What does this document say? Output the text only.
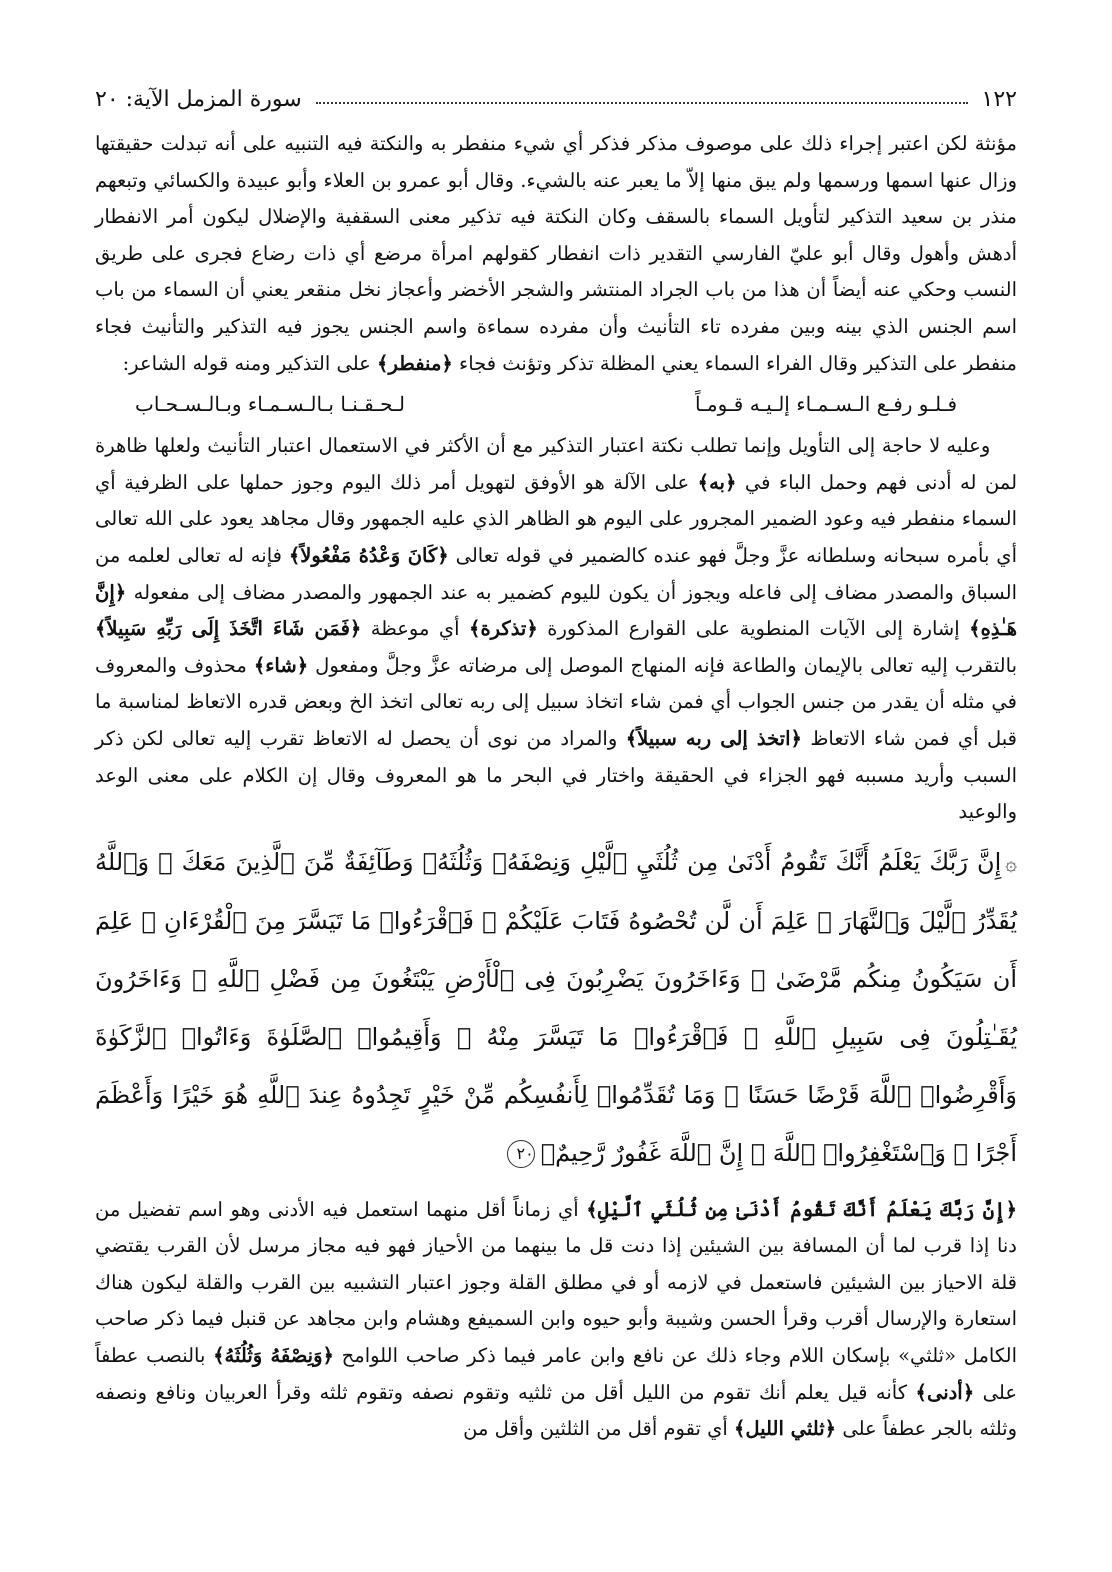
١٢٢
سورة المزمل الآية: ٢٠

مؤنثة لكن اعتبر إجراء ذلك على موصوف مذكر فذكر أي شيء منفطر به والنكتة فيه التنبيه على أنه تبدلت حقيقتها وزال عنها اسمها ورسمها ولم يبق منها إلاّ ما يعبر عنه بالشيء. وقال أبو عمرو بن العلاء وأبو عبيدة والكسائي وتبعهم منذر بن سعيد التذكير لتأويل السماء بالسقف وكان النكتة فيه تذكير معنى السقفية والإضلال ليكون أمر الانفطار أدهش وأهول وقال أبو عليّ الفارسي التقدير ذات انفطار كقولهم امرأة مرضع أي ذات رضاع فجرى على طريق النسب وحكي عنه أيضاً أن هذا من باب الجراد المنتشر والشجر الأخضر وأعجاز نخل منقعر يعني أن السماء من باب اسم الجنس الذي بينه وبين مفرده تاء التأنيث وأن مفرده سماءة واسم الجنس يجوز فيه التذكير والتأنيث فجاء منفطر على التذكير وقال الفراء السماء يعني المظلة تذكر وتؤنث فجاء ﴿منفطر﴾ على التذكير ومنه قوله الشاعر:

فـلـو رفـع الـسـمـاء إلـيـه قـومـاً
لـحـقـنـا بـالـسـمـاء وبـالـسـحـاب

وعليه لا حاجة إلى التأويل وإنما تطلب نكتة اعتبار التذكير مع أن الأكثر في الاستعمال اعتبار التأنيث ولعلها ظاهرة لمن له أدنى فهم وحمل الباء في ﴿به﴾ على الآلة هو الأوفق لتهويل أمر ذلك اليوم وجوز حملها على الظرفية أي السماء منفطر فيه وعود الضمير المجرور على اليوم هو الظاهر الذي عليه الجمهور وقال مجاهد يعود على الله تعالى أي بأمره سبحانه وسلطانه عزَّ وجلَّ فهو عنده كالضمير في قوله تعالى ﴿كَانَ وَعْدُهُ مَفْعُولاً﴾ فإنه له تعالى لعلمه من السباق والمصدر مضاف إلى فاعله ويجوز أن يكون لليوم كضمير به عند الجمهور والمصدر مضاف إلى مفعوله ﴿إِنَّ هَـٰذِهِ﴾ إشارة إلى الآيات المنطوية على القوارع المذكورة ﴿تذكرة﴾ أي موعظة ﴿فَمَن شَاءَ اتَّخَذَ إِلَى رَبِّهِ سَبِيلاً﴾ بالتقرب إليه تعالى بالإيمان والطاعة فإنه المنهاج الموصل إلى مرضاته عزَّ وجلَّ ومفعول ﴿شاء﴾ محذوف والمعروف في مثله أن يقدر من جنس الجواب أي فمن شاء اتخاذ سبيل إلى ربه تعالى اتخذ الخ وبعض قدره الاتعاظ لمناسبة ما قبل أي فمن شاء الاتعاظ ﴿اتخذ إلى ربه سبيلاً﴾ والمراد من نوى أن يحصل له الاتعاظ تقرب إليه تعالى لكن ذكر السبب وأريد مسببه فهو الجزاء في الحقيقة واختار في البحر ما هو المعروف وقال إن الكلام على معنى الوعد والوعيد

۞إِنَّ رَبَّكَ يَعْلَمُ أَنَّكَ تَقُومُ أَدْنَىٰ مِن ثُلُثَيِ ٱلَّيْلِ وَنِصْفَهُۥ وَثُلُثَهُۥ وَطَآئِفَةٌ مِّنَ ٱلَّذِينَ مَعَكَ ۚ وَٱللَّهُ يُقَدِّرُ ٱلَّيْلَ وَٱلنَّهَارَ ۚ عَلِمَ أَن لَّن تُحْصُوهُ فَتَابَ عَلَيْكُمْ ۖ فَٱقْرَءُوا۟ مَا تَيَسَّرَ مِنَ ٱلْقُرْءَانِ ۚ عَلِمَ أَن سَيَكُونُ مِنكُم مَّرْضَىٰ ۙ وَءَاخَرُونَ يَضْرِبُونَ فِى ٱلْأَرْضِ يَبْتَغُونَ مِن فَضْلِ ٱللَّهِ ۙ وَءَاخَرُونَ يُقَـٰتِلُونَ فِى سَبِيلِ ٱللَّهِ ۖ فَٱقْرَءُوا۟ مَا تَيَسَّرَ مِنْهُ ۚ وَأَقِيمُوا۟ ٱلصَّلَوٰةَ وَءَاتُوا۟ ٱلزَّكَوٰةَ وَأَقْرِضُوا۟ ٱللَّهَ قَرْضًا حَسَنًا ۚ وَمَا تُقَدِّمُوا۟ لِأَنفُسِكُم مِّنْ خَيْرٍ تَجِدُوهُ عِندَ ٱللَّهِ هُوَ خَيْرًا وَأَعْظَمَ أَجْرًا ۚ وَٱسْتَغْفِرُوا۟ ٱللَّهَ ۖ إِنَّ ٱللَّهَ غَفُورٌ رَّحِيمٌۢ٢٠

﴿إِنَّ رَبَّكَ يَعْلَمُ أَنَّكَ تَقُومُ أَدْنَىٰ مِن ثُلُثَيِ ٱلَّيْلِ﴾ أي زماناً أقل منهما استعمل فيه الأدنى وهو اسم تفضيل من دنا إذا قرب لما أن المسافة بين الشيئين إذا دنت قل ما بينهما من الأحياز فهو فيه مجاز مرسل لأن القرب يقتضي قلة الاحياز بين الشيئين فاستعمل في لازمه أو في مطلق القلة وجوز اعتبار التشبيه بين القرب والقلة ليكون هناك استعارة والإرسال أقرب وقرأ الحسن وشيبة وأبو حيوه وابن السميفع وهشام وابن مجاهد عن قنبل فيما ذكر صاحب الكامل «ثلثي» بإسكان اللام وجاء ذلك عن نافع وابن عامر فيما ذكر صاحب اللوامح ﴿وَنِصْفَهُ وَثُلُثَهُ﴾ بالنصب عطفاً على ﴿أدنى﴾ كأنه قيل يعلم أنك تقوم من الليل أقل من ثلثيه وتقوم نصفه وتقوم ثلثه وقرأ العربيان ونافع ونصفه وثلثه بالجر عطفاً على ﴿ثلثي الليل﴾ أي تقوم أقل من الثلثين وأقل من
